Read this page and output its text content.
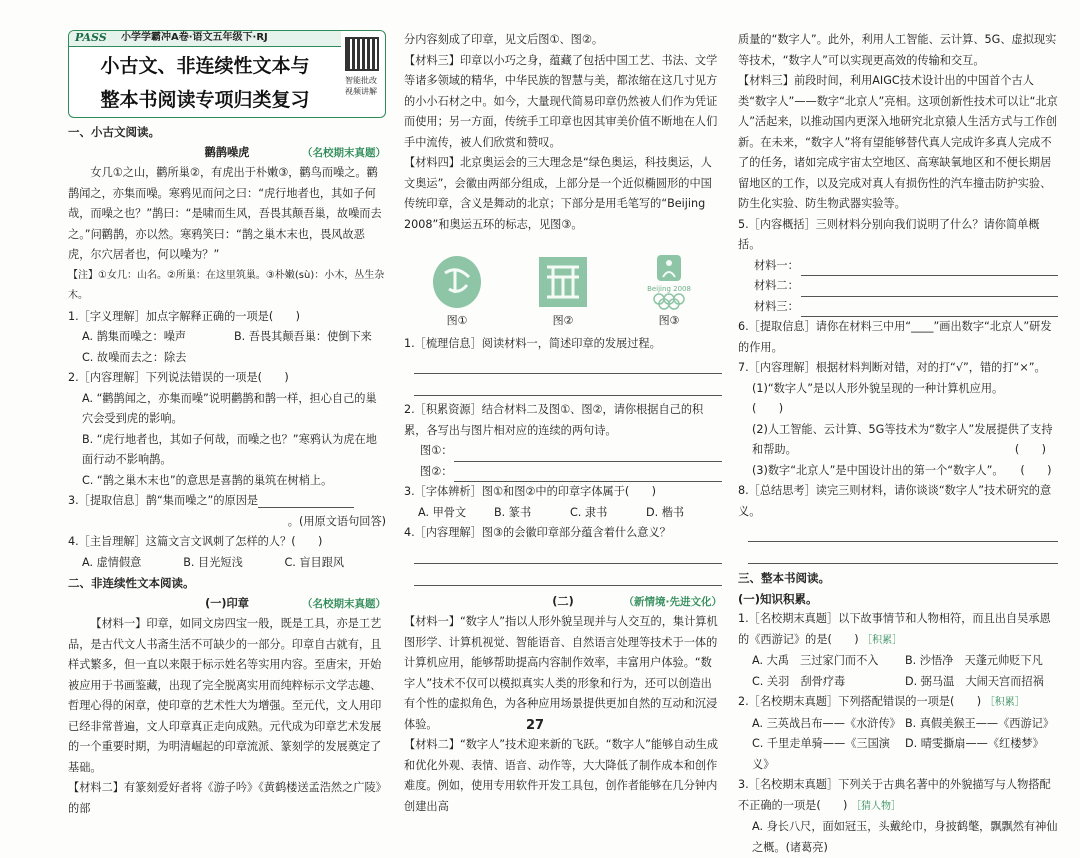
PASS 小学学霸冲A卷·语文五年级下·RJ
小古文、非连续性文本与
整本书阅读专项归类复习
智能批改
视频讲解

一、小古文阅读。

鹳鹊噪虎	（名校期末真题）

女几①之山，鹳所巢②，有虎出于朴嫩③，鹳鸟而噪之。鹳鹊闻之，亦集而噪。寒鸦见而问之曰：“虎行地者也，其如子何哉，而噪之也？”鹊曰：“是啸而生风，吾畏其颠吾巢，故噪而去之。”问鹳鹊，亦以然。寒鸦笑曰：“鹊之巢木末也，畏风故恶虎，尔穴居者也，何以噪为？”

【注】①女几：山名。②所巢：在这里筑巢。③朴嫩(sù)：小木，丛生杂木。

1.［字义理解］加点字解释正确的一项是(　　)

A. 鹊集而噪之：噪声	B. 吾畏其颠吾巢：使倒下来
C. 故噪而去之：除去

2.［内容理解］下列说法错误的一项是(　　)

A. “鹳鹊闻之，亦集而噪”说明鹳鹊和鹊一样，担心自己的巢穴会受到虎的影响。

B. “虎行地者也，其如子何哉，而噪之也？”寒鸦认为虎在地面行动不影响鹊。

C. “鹊之巢木末也”的意思是喜鹊的巢筑在树梢上。

3.［提取信息］鹊“集而噪之”的原因是

。(用原文语句回答)

4.［主旨理解］这篇文言文讽刺了怎样的人？(　　)

A. 虚情假意	B. 目光短浅	C. 盲目跟风

二、非连续性文本阅读。

(一)印章	（名校期末真题）

【材料一】印章，如同文房四宝一般，既是工具，亦是工艺品，是古代文人书斋生活不可缺少的一部分。印章自古就有，且样式繁多，但一直以来限于标示姓名等实用内容。至唐宋，开始被应用于书画鉴藏，出现了完全脱离实用而纯粹标示文学志趣、哲理心得的闲章，使印章的艺术性大为增强。至元代，文人用印已经非常普遍，文人印章真正走向成熟。元代成为印章艺术发展的一个重要时期，为明清崛起的印章流派、篆刻学的发展奠定了基础。

【材料二】有篆刻爱好者将《游子吟》《黄鹤楼送孟浩然之广陵》的部

分内容刻成了印章，见文后图①、图②。

【材料三】印章以小巧之身，蕴藏了包括中国工艺、书法、文学等诸多领域的精华，中华民族的智慧与美，都浓缩在这几寸见方的小小石材之中。如今，大量现代简易印章仍然被人们作为凭证而使用；另一方面，传统手工印章也因其审美价值不断地在人们手中流传，被人们欣赏和赞叹。

【材料四】北京奥运会的三大理念是“绿色奥运，科技奥运，人文奥运”，会徽由两部分组成，上部分是一个近似椭圆形的中国传统印章，含义是舞动的北京；下部分是用毛笔写的“Beijing 2008”和奥运五环的标志，见图③。

Beijing 2008
图①	图②	图③

1.［梳理信息］阅读材料一，简述印章的发展过程。

2.［积累资源］结合材料二及图①、图②，请你根据自己的积累，各写出与图片相对应的连续的两句诗。

图①：
图②：

3.［字体辨析］图①和图②中的印章字体属于(　　)

A. 甲骨文	B. 篆书	C. 隶书	D. 楷书

4.［内容理解］图③的会徽印章部分蕴含着什么意义？

(二)	（新情境·先进文化）

【材料一】“数字人”指以人形外貌呈现并与人交互的，集计算机图形学、计算机视觉、智能语音、自然语言处理等技术于一体的计算机应用，能够帮助提高内容制作效率，丰富用户体验。“数字人”技术不仅可以模拟真实人类的形象和行为，还可以创造出有个性的虚拟角色，为各种应用场景提供更加自然的互动和沉浸体验。

【材料二】“数字人”技术迎来新的飞跃。“数字人”能够自动生成和优化外观、表情、语音、动作等，大大降低了制作成本和创作难度。例如，使用专用软件开发工具包，创作者能够在几分钟内创建出高

质量的“数字人”。此外，利用人工智能、云计算、5G、虚拟现实等技术，“数字人”可以实现更高效的传输和交互。

【材料三】前段时间，利用AIGC技术设计出的中国首个古人类“数字人”——数字“北京人”亮相。这项创新性技术可以让“北京人”活起来，以推动国内更深入地研究北京猿人生活方式与工作创新。在未来，“数字人”将有望能够替代真人完成许多真人完成不了的任务，诸如完成宇宙太空地区、高寒缺氧地区和不便长期居留地区的工作，以及完成对真人有损伤性的汽车撞击防护实验、防生化实验、防生物武器实验等。

5.［内容概括］三则材料分别向我们说明了什么？请你简单概括。

材料一：
材料二：
材料三：

6.［提取信息］请你在材料三中用“____”画出数字“北京人”研发的作用。

7.［内容理解］根据材料判断对错，对的打“√”，错的打“×”。

(1)“数字人”是以人形外貌呈现的一种计算机应用。　　　(　　)

(2)人工智能、云计算、5G等技术为“数字人”发展提供了支持和帮助。　　　　　　　　　　　　　　　　　　　　(　　)

(3)数字“北京人”是中国设计出的第一个“数字人”。　　(　　)

8.［总结思考］读完三则材料，请你谈谈“数字人”技术研究的意义。

三、整本书阅读。

(一)知识积累。

1.［名校期末真题］以下故事情节和人物相符，而且出自吴承恩的《西游记》的是(　　) ［积累］

A. 大禹　三过家门而不入	B. 沙悟净　天蓬元帅贬下凡
C. 关羽　刮骨疗毒	D. 弼马温　大闹天宫而招祸

2.［名校期末真题］下列搭配错误的一项是(　　) ［积累］

A. 三英战吕布——《水浒传》 B. 真假美猴王——《西游记》
C. 千里走单骑——《三国演义》
D. 晴雯撕扇——《红楼梦》

3.［名校期末真题］下列关于古典名著中的外貌描写与人物搭配不正确的一项是(　　) ［猜人物］

A. 身长八尺，面如冠玉，头戴纶巾，身披鹤氅，飘飘然有神仙之概。(诸葛亮)

27
